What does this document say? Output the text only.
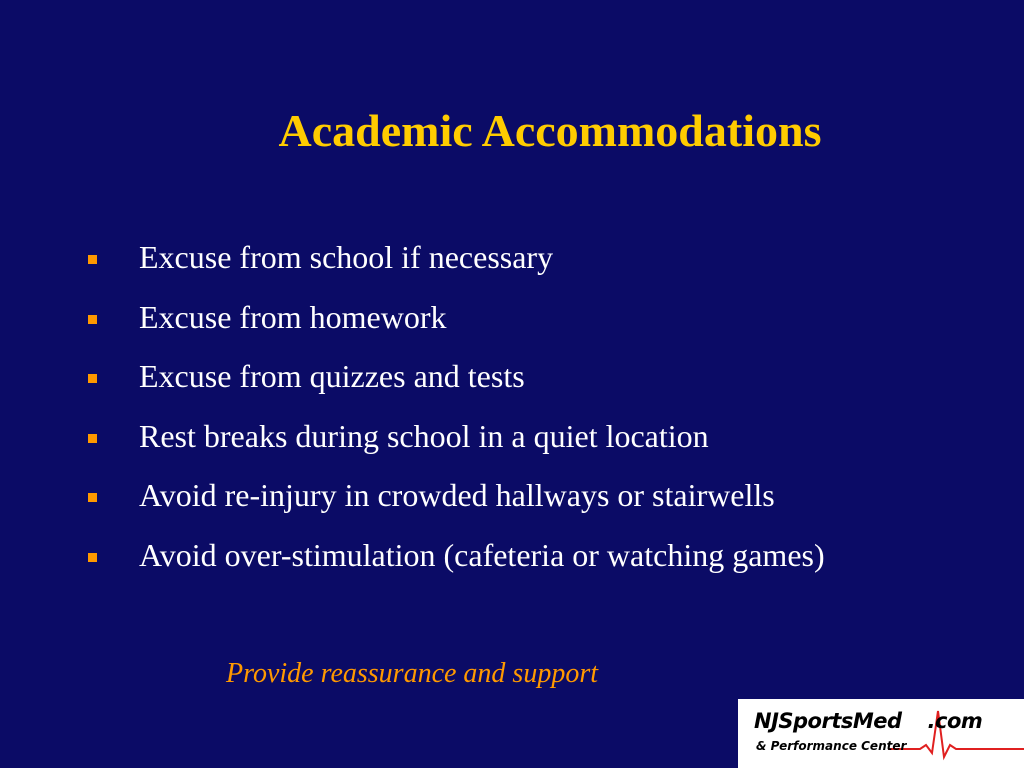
Academic Accommodations
Excuse from school if necessary
Excuse from homework
Excuse from quizzes and tests
Rest breaks during school in a quiet location
Avoid re-injury in crowded hallways or stairwells
Avoid over-stimulation (cafeteria or watching games)
Provide reassurance and support
NJSportsMed .com
& Performance Center
